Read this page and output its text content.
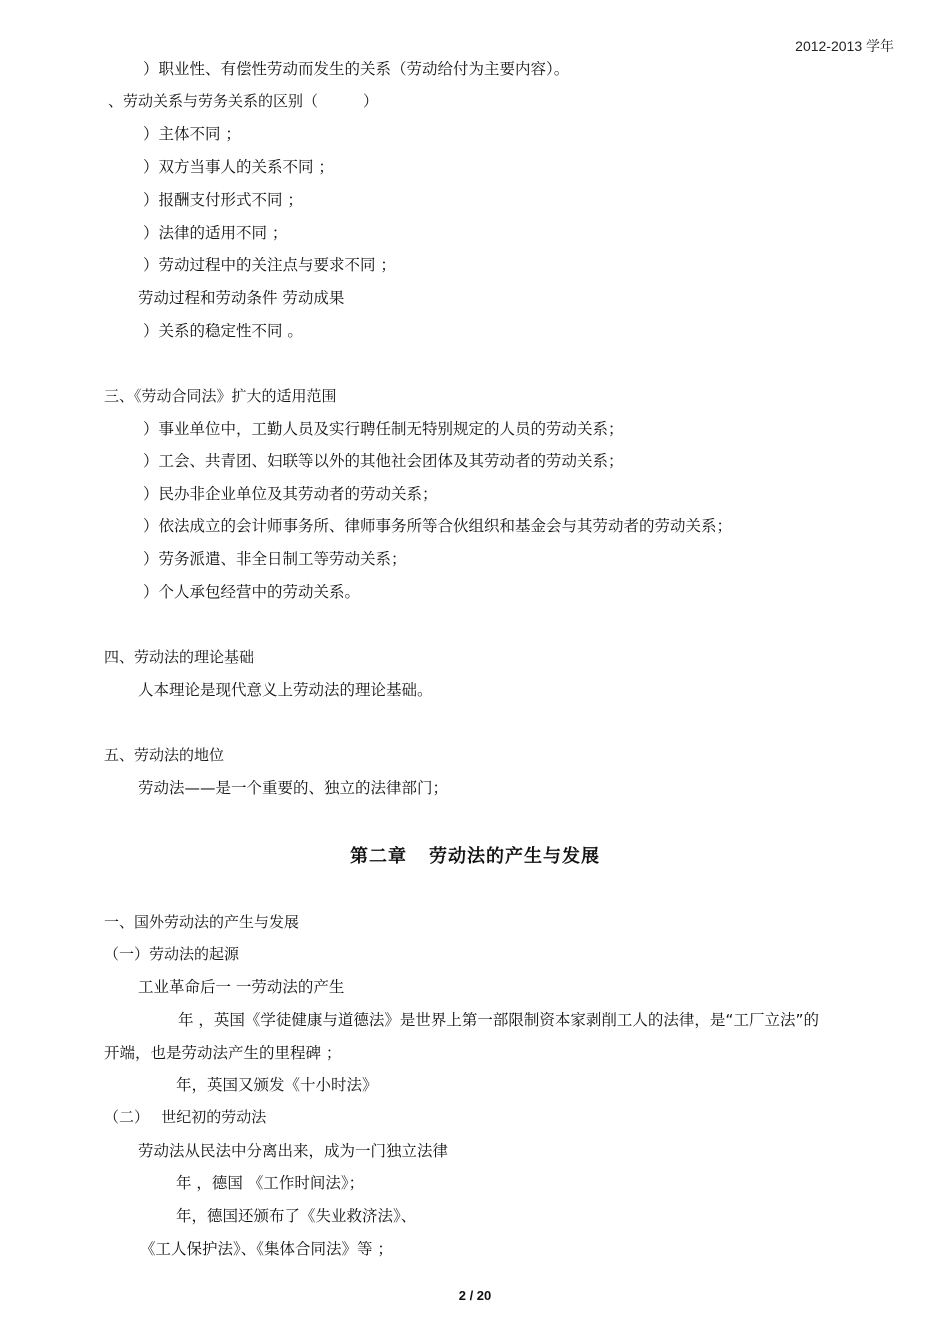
2012-2013 学年
）职业性、有偿性劳动而发生的关系（劳动给付为主要内容）。
、劳动关系与劳务关系的区别（　　　）
）主体不同 ；
）双方当事人的关系不同 ；
）报酬支付形式不同 ；
）法律的适用不同 ；
）劳动过程中的关注点与要求不同 ；
劳动过程和劳动条件 劳动成果
）关系的稳定性不同 。
三、《劳动合同法》扩大的适用范围
）事业单位中，工勤人员及实行聘任制无特别规定的人员的劳动关系；
）工会、共青团、妇联等以外的其他社会团体及其劳动者的劳动关系；
）民办非企业单位及其劳动者的劳动关系；
）依法成立的会计师事务所、律师事务所等合伙组织和基金会与其劳动者的劳动关系；
）劳务派遣、非全日制工等劳动关系；
）个人承包经营中的劳动关系。
四、劳动法的理论基础
人本理论是现代意义上劳动法的理论基础。
五、劳动法的地位
劳动法——是一个重要的、独立的法律部门；
第二章 劳动法的产生与发展
一、国外劳动法的产生与发展
（一）劳动法的起源
工业革命后一 一劳动法的产生
年 ，英国《学徒健康与道德法》是世界上第一部限制资本家剥削工人的法律，是“工厂立法”的
开端，也是劳动法产生的里程碑 ；
年，英国又颁发《十小时法》
（二）　 世纪初的劳动法
劳动法从民法中分离出来，成为一门独立法律
年 ，德国 《工作时间法》；
年，德国还颁布了《失业救济法》、
《工人保护法》、《集体合同法》等 ；
2 / 20
